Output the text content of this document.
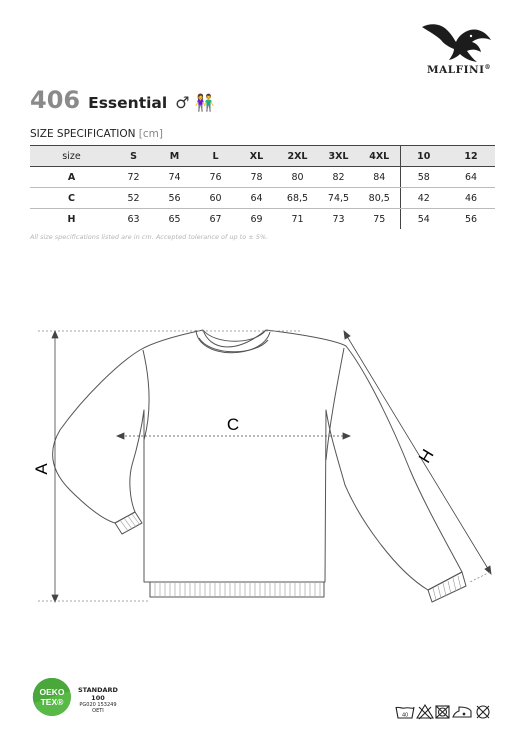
MALFINI®
406 Essential ♂ 👫
SIZE SPECIFICATION [cm]
size	S	M	L	XL	2XL	3XL	4XL	10	12
A	72	74	76	78	80	82	84	58	64
C	52	56	60	64	68,5	74,5	80,5	42	46
H	63	65	67	69	71	73	75	54	56
All size specifications listed are in cm. Accepted tolerance of up to ± 5%.
A
C
H
OEKO
TEX®
STANDARD
100
PG020 153249
OETI
40
